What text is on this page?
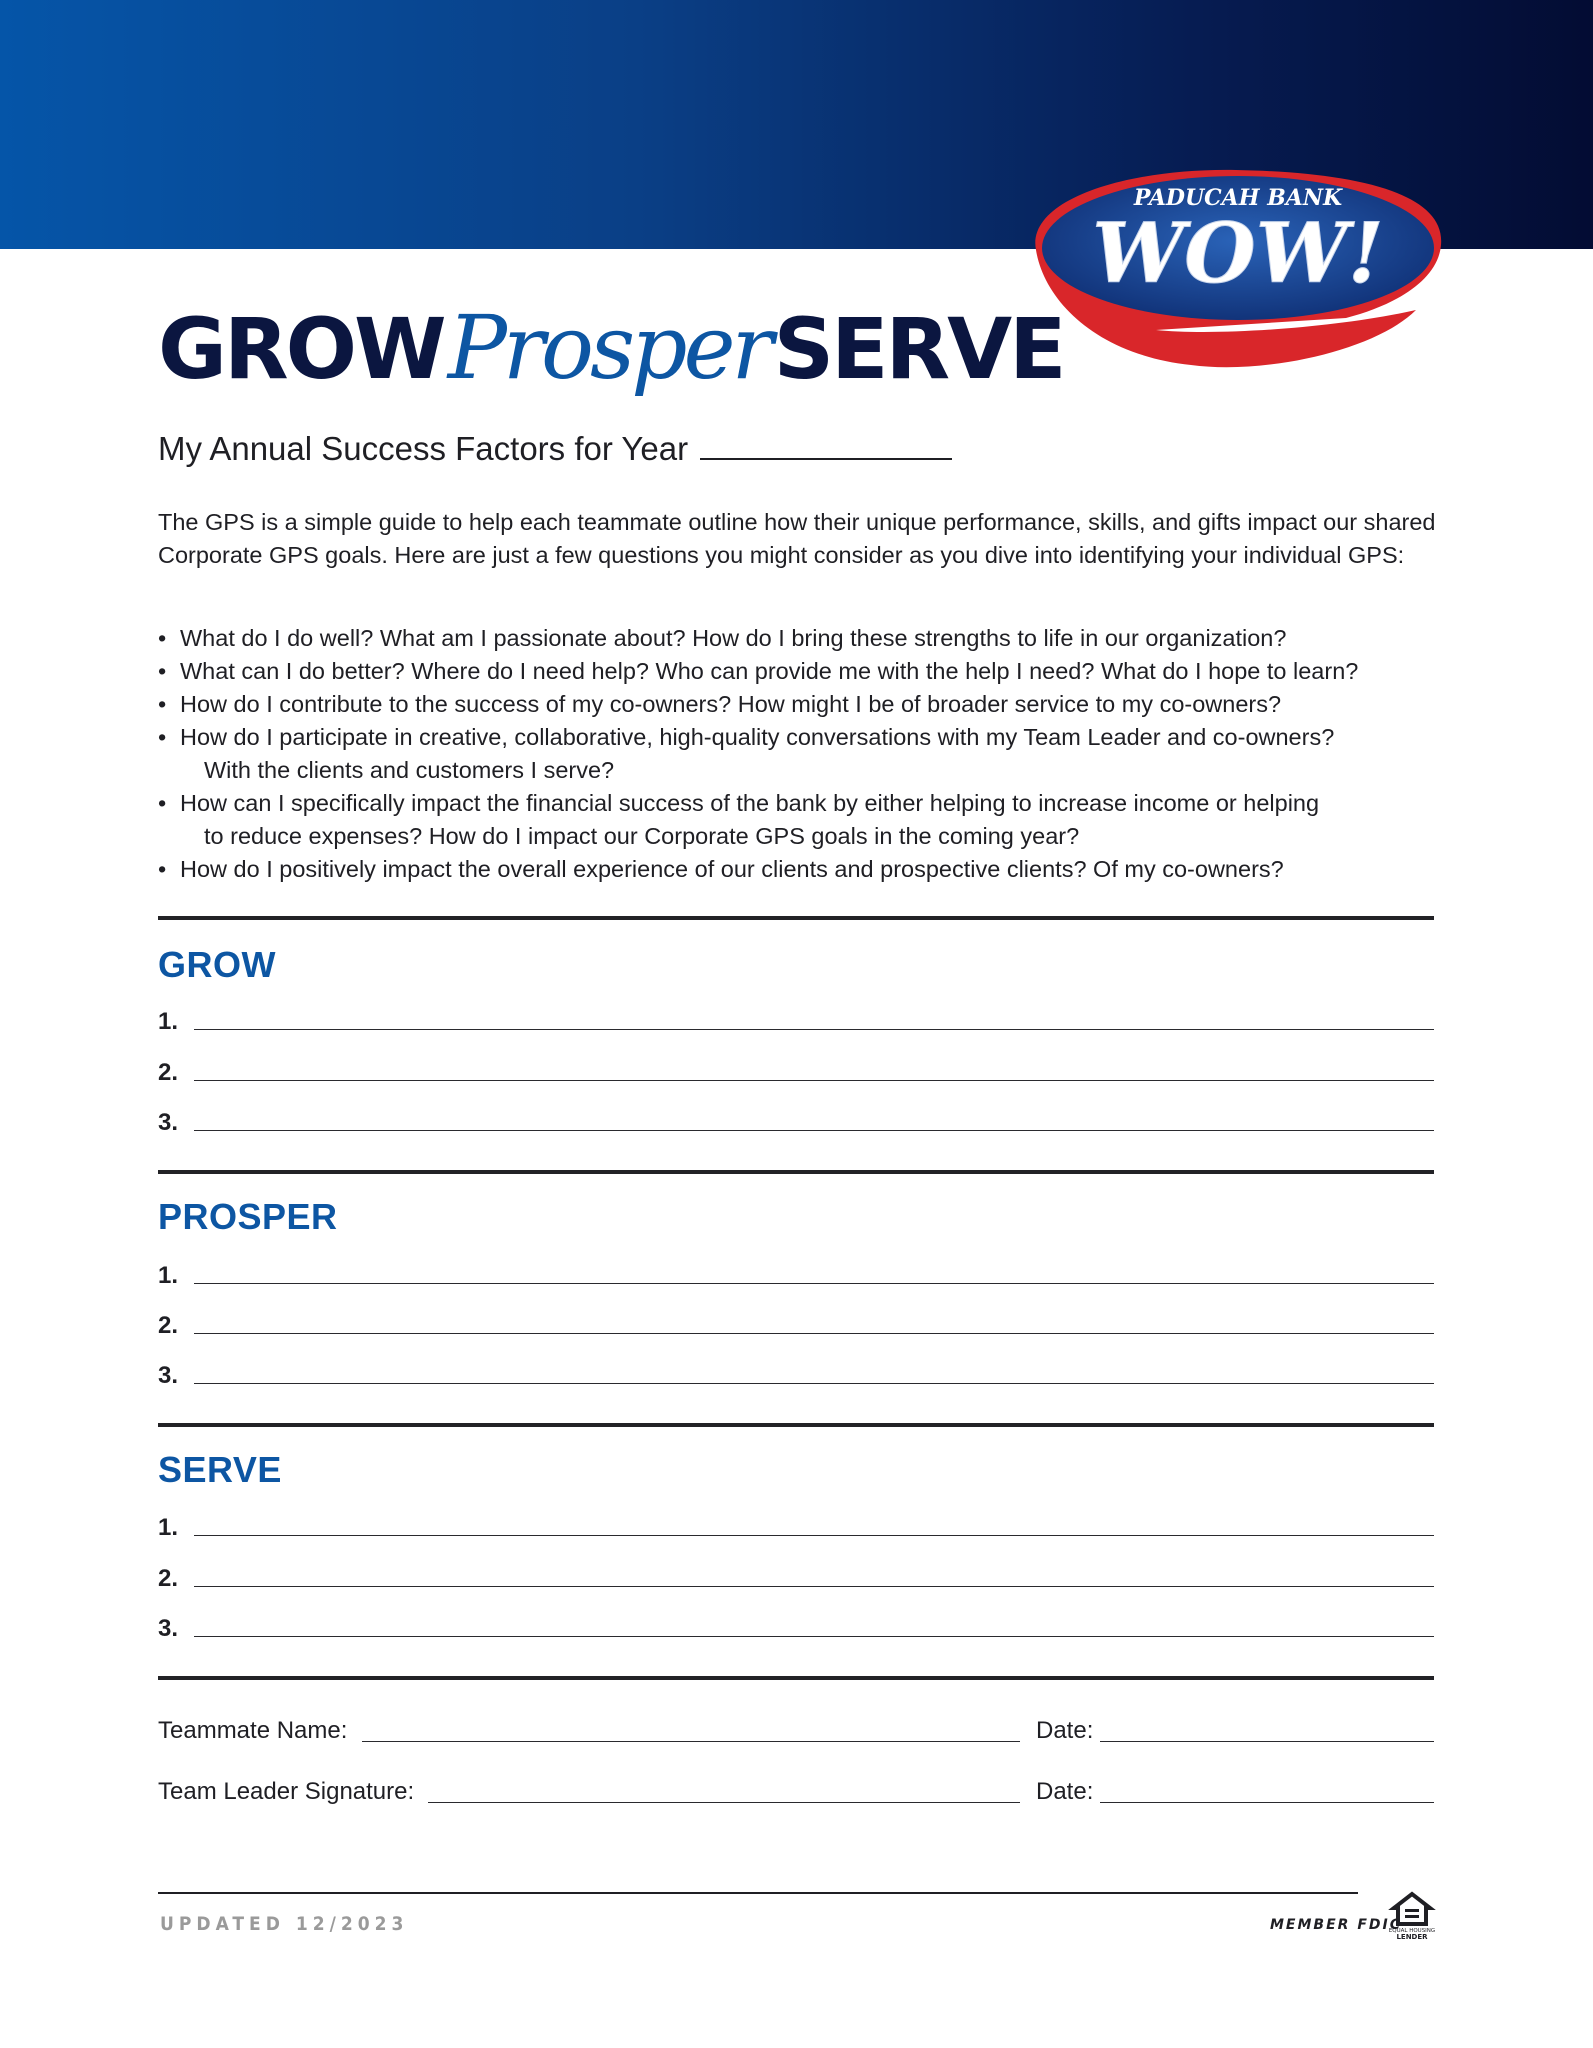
PADUCAH BANK
WOW!
GROW Prosper SERVE
My Annual Success Factors for Year
The GPS is a simple guide to help each teammate outline how their unique performance, skills, and gifts impact our shared Corporate GPS goals. Here are just a few questions you might consider as you dive into identifying your individual GPS:
• What do I do well? What am I passionate about? How do I bring these strengths to life in our organization?
• What can I do better? Where do I need help? Who can provide me with the help I need? What do I hope to learn?
• How do I contribute to the success of my co-owners? How might I be of broader service to my co-owners?
• How do I participate in creative, collaborative, high-quality conversations with my Team Leader and co-owners?
With the clients and customers I serve?
• How can I specifically impact the financial success of the bank by either helping to increase income or helping
to reduce expenses? How do I impact our Corporate GPS goals in the coming year?
• How do I positively impact the overall experience of our clients and prospective clients? Of my co-owners?
GROW
1.
2.
3.
PROSPER
1.
2.
3.
SERVE
1.
2.
3.
Teammate Name:	Date:
Team Leader Signature:	Date:
UPDATED 12/2023	MEMBER FDIC
EQUAL HOUSING
LENDER
